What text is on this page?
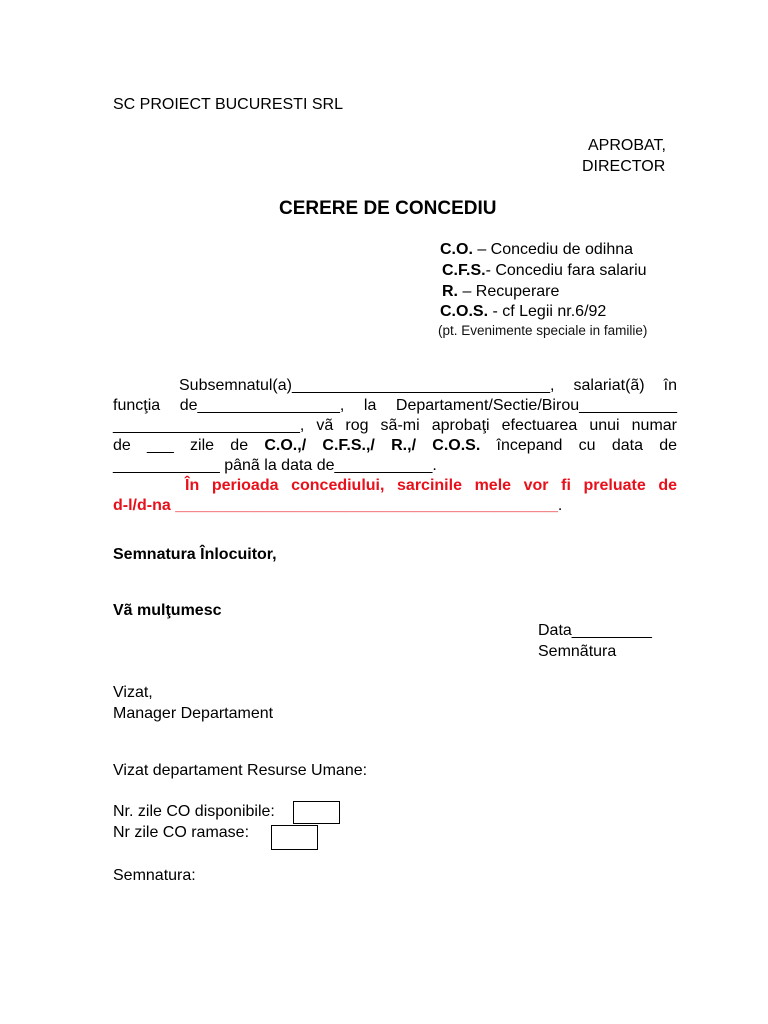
SC PROIECT BUCURESTI SRL
APROBAT,
DIRECTOR
CERERE DE CONCEDIU
C.O. – Concediu de odihna
C.F.S.- Concediu fara salariu
R. – Recuperare
C.O.S. - cf Legii nr.6/92
(pt. Evenimente speciale in familie)
Subsemnatul(a)_____________________________, salariat(ã) în
funcţia de________________, la Departament/Sectie/Birou___________
_____________________, vã rog sã-mi aprobaţi efectuarea unui numar
de ___ zile de C.O.,/ C.F.S.,/ R.,/ C.O.S. începand cu data de
____________ pânã la data de___________.
În perioada concediului, sarcinile mele vor fi preluate de
d-l/d-na ___________________________________________.
Semnatura Înlocuitor,
Vã mulţumesc
Data_________
Semnãtura
Vizat,
Manager Departament
Vizat departament Resurse Umane:
Nr. zile CO disponibile:
Nr zile CO ramase:
Semnatura:
